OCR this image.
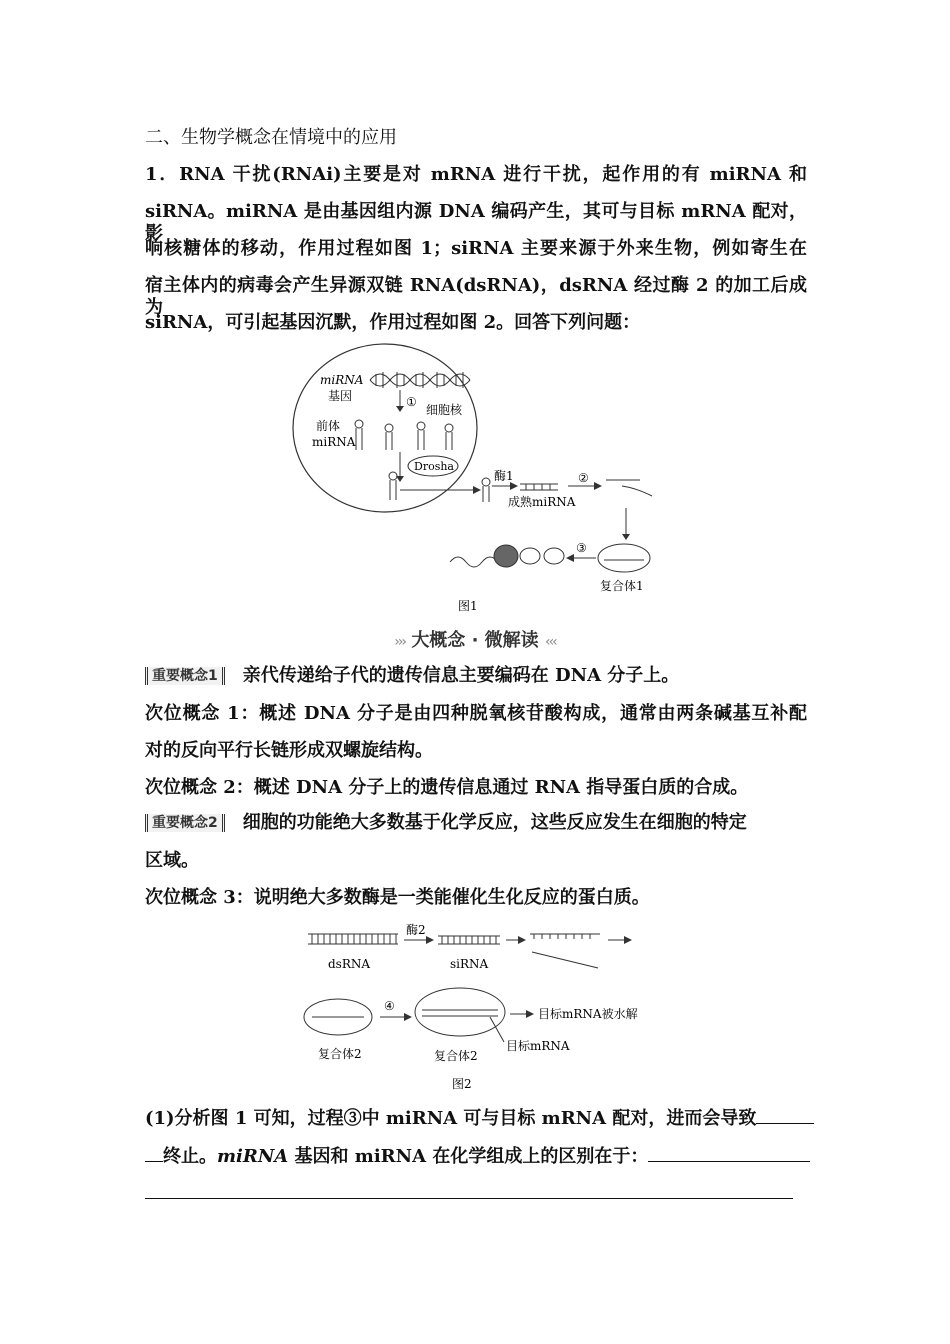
二、生物学概念在情境中的应用
1．RNA 干扰(RNAi)主要是对 mRNA 进行干扰，起作用的有 miRNA 和
siRNA。miRNA 是由基因组内源 DNA 编码产生，其可与目标 mRNA 配对，影
响核糖体的移动，作用过程如图 1；siRNA 主要来源于外来生物，例如寄生在
宿主体内的病毒会产生异源双链 RNA(dsRNA)，dsRNA 经过酶 2 的加工后成为
siRNA，可引起基因沉默，作用过程如图 2。回答下列问题：
miRNA
基因	①
细胞核
前体
miRNA
Drosha
酶1
成熟miRNA
②
复合体1
③
图1
››› 大概念 · 微解读 ‹‹‹
重要概念1 亲代传递给子代的遗传信息主要编码在 DNA 分子上。
次位概念 1：概述 DNA 分子是由四种脱氧核苷酸构成，通常由两条碱基互补配
对的反向平行长链形成双螺旋结构。
次位概念 2：概述 DNA 分子上的遗传信息通过 RNA 指导蛋白质的合成。
重要概念2 细胞的功能绝大多数基于化学反应，这些反应发生在细胞的特定
区域。
次位概念 3：说明绝大多数酶是一类能催化生化反应的蛋白质。
dsRNA
酶2
siRNA
复合体2
④
复合体2
目标mRNA被水解
目标mRNA
图2
(1)分析图 1 可知，过程③中 miRNA 可与目标 mRNA 配对，进而会导致
终止。miRNA 基因和 miRNA 在化学组成上的区别在于：
